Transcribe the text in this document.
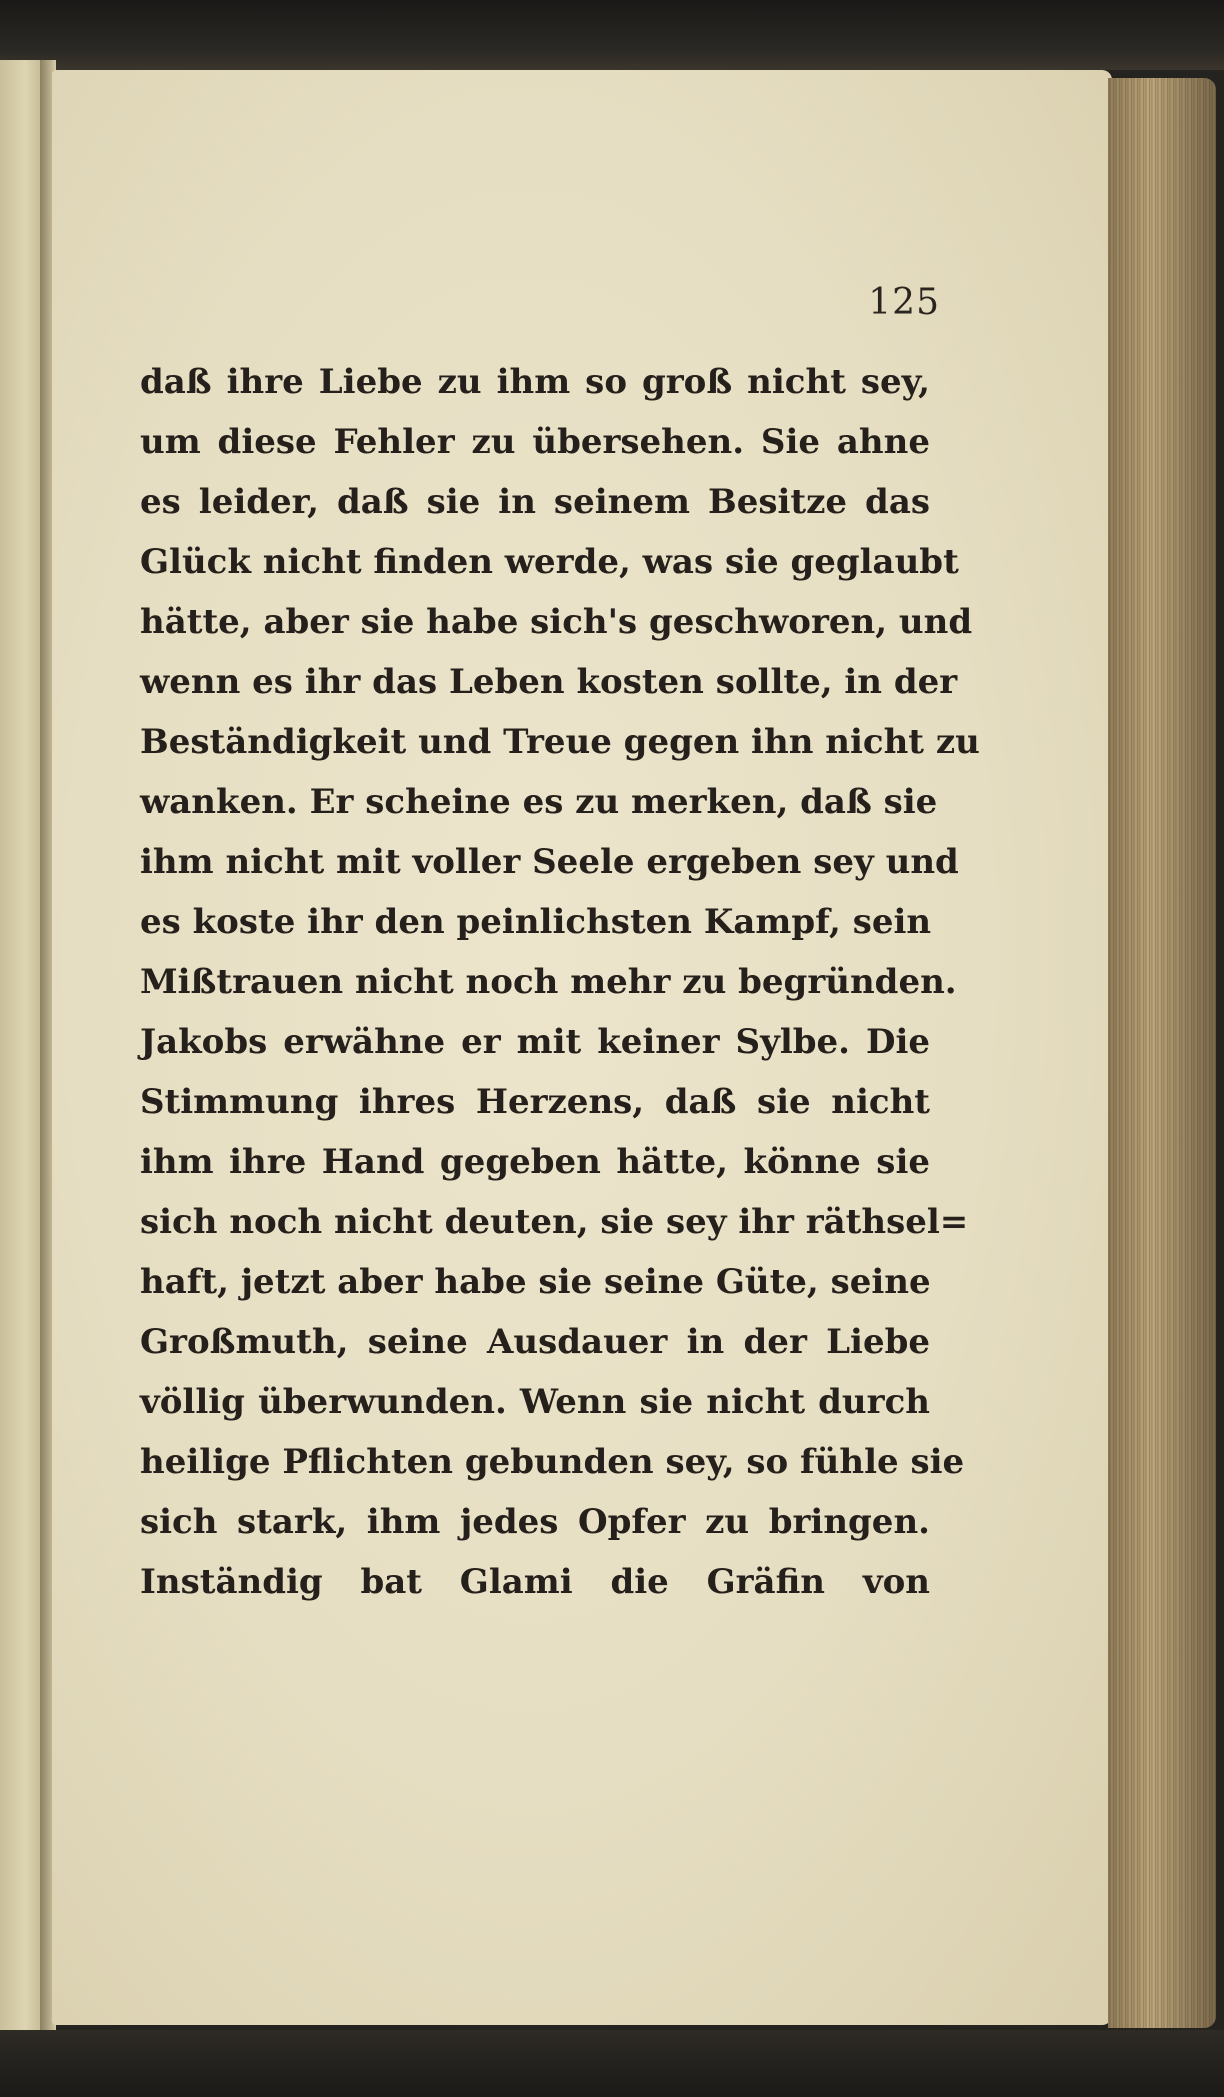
125
daß ihre Liebe zu ihm so groß nicht sey,
um diese Fehler zu übersehen. Sie ahne
es leider, daß sie in seinem Besitze das
Glück nicht finden werde, was sie geglaubt
hätte, aber sie habe sich's geschworen, und
wenn es ihr das Leben kosten sollte, in der
Beständigkeit und Treue gegen ihn nicht zu
wanken. Er scheine es zu merken, daß sie
ihm nicht mit voller Seele ergeben sey und
es koste ihr den peinlichsten Kampf, sein
Mißtrauen nicht noch mehr zu begründen.
Jakobs erwähne er mit keiner Sylbe. Die
Stimmung ihres Herzens, daß sie nicht
ihm ihre Hand gegeben hätte, könne sie
sich noch nicht deuten, sie sey ihr räthsel=
haft, jetzt aber habe sie seine Güte, seine
Großmuth, seine Ausdauer in der Liebe
völlig überwunden. Wenn sie nicht durch
heilige Pflichten gebunden sey, so fühle sie
sich stark, ihm jedes Opfer zu bringen.
Inständig bat Glami die Gräfin von
